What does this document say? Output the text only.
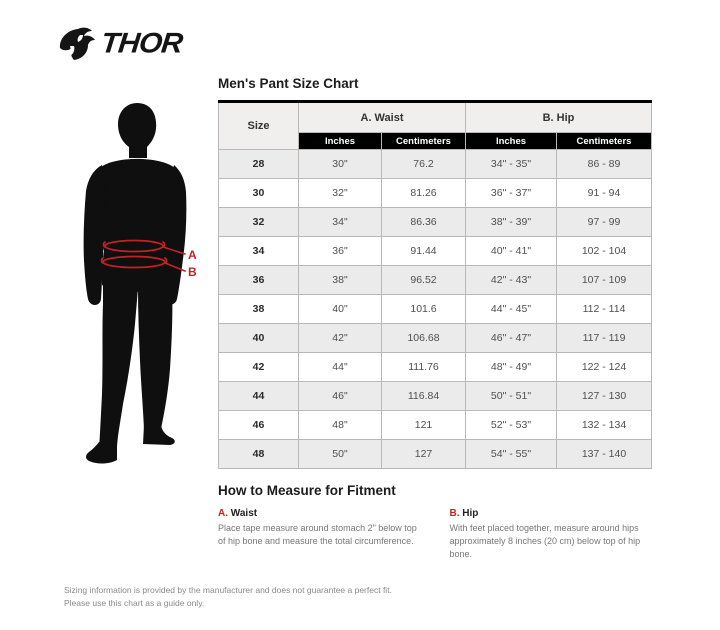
THOR
A
B
Men's Pant Size Chart
Size	A. Waist		B. Hip	
	Inches	Centimeters	Inches	Centimeters
28	30"	76.2	34" - 35"	86 - 89
30	32"	81.26	36" - 37"	91 - 94
32	34"	86.36	38" - 39"	97 - 99
34	36"	91.44	40" - 41"	102 - 104
36	38"	96.52	42" - 43"	107 - 109
38	40"	101.6	44" - 45"	112 - 114
40	42"	106.68	46" - 47"	117 - 119
42	44"	111.76	48" - 49"	122 - 124
44	46"	116.84	50" - 51"	127 - 130
46	48"	121	52" - 53"	132 - 134
48	50"	127	54" - 55"	137 - 140
How to Measure for Fitment
A. Waist
Place tape measure around stomach 2" below top of hip bone and measure the total circumference.
B. Hip
With feet placed together, measure around hips approximately 8 inches (20 cm) below top of hip bone.
Sizing information is provided by the manufacturer and does not guarantee a perfect fit.
Please use this chart as a guide only.
